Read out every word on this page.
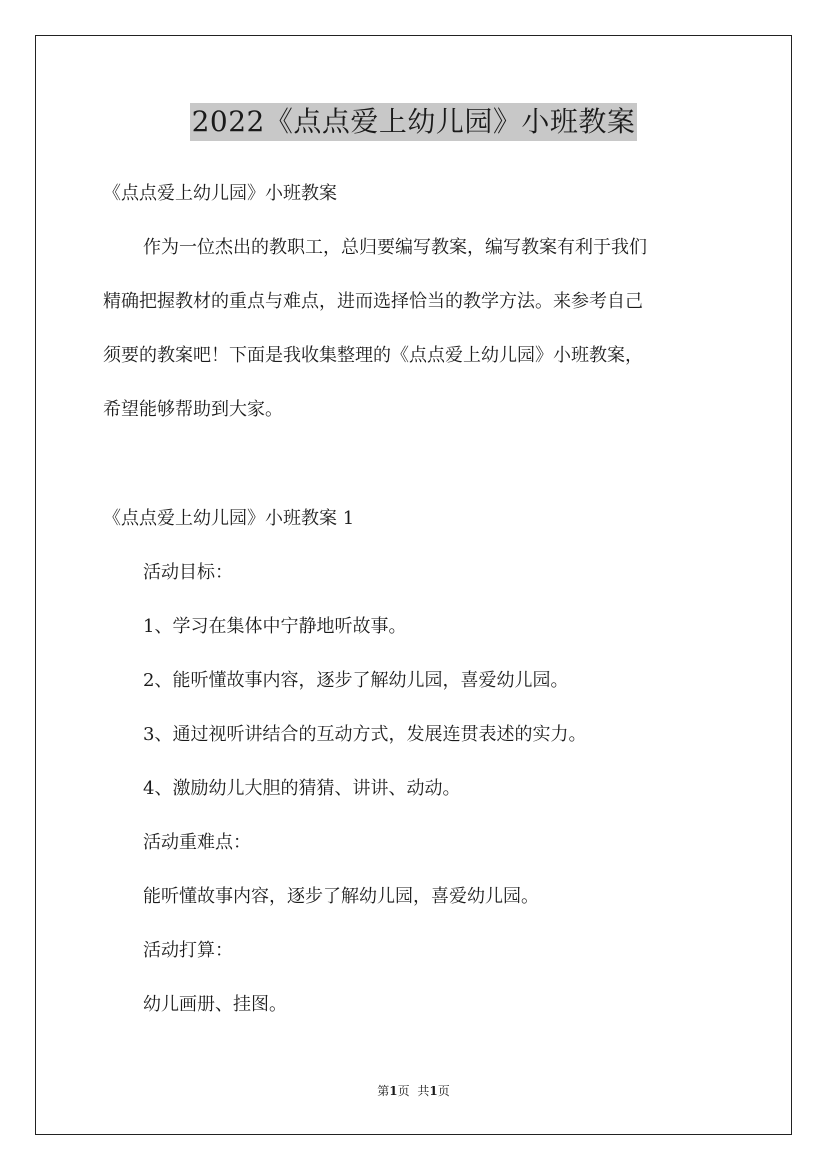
2022《点点爱上幼儿园》小班教案
《点点爱上幼儿园》小班教案
作为一位杰出的教职工，总归要编写教案，编写教案有利于我们
精确把握教材的重点与难点，进而选择恰当的教学方法。来参考自己
须要的教案吧！下面是我收集整理的《点点爱上幼儿园》小班教案，
希望能够帮助到大家。
《点点爱上幼儿园》小班教案 1
活动目标：
1、学习在集体中宁静地听故事。
2、能听懂故事内容，逐步了解幼儿园，喜爱幼儿园。
3、通过视听讲结合的互动方式，发展连贯表述的实力。
4、激励幼儿大胆的猜猜、讲讲、动动。
活动重难点：
能听懂故事内容，逐步了解幼儿园，喜爱幼儿园。
活动打算：
幼儿画册、挂图。
第1页 共1页
